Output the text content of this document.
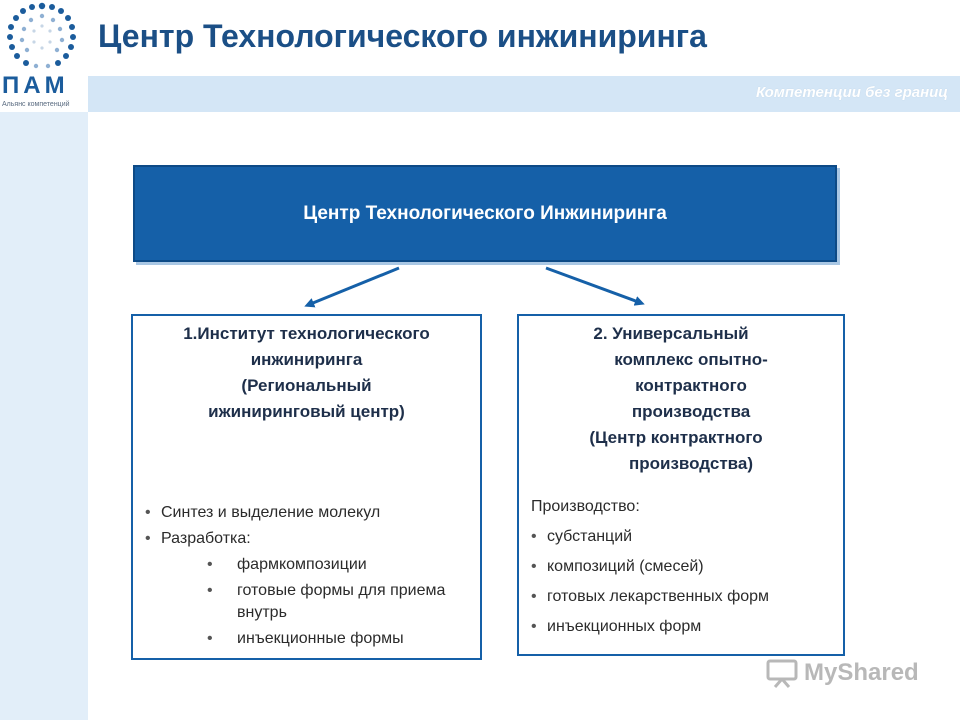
ПАМ
Альянс компетенций
Центр Технологического инжиниринга
Компетенции без границ
Центр Технологического Инжиниринга
1.Институт технологического
инжиниринга
(Региональный
ижиниринговый центр)
• Синтез и выделение молекул
• Разработка:
• фармкомпозиции
• готовые формы для приема внутрь
• инъекционные формы
2. Универсальный
комплекс опытно-
контрактного
производства
(Центр контрактного
производства)
Производство:
• субстанций
• композиций (смесей)
• готовых лекарственных форм
• инъекционных форм
MyShared
